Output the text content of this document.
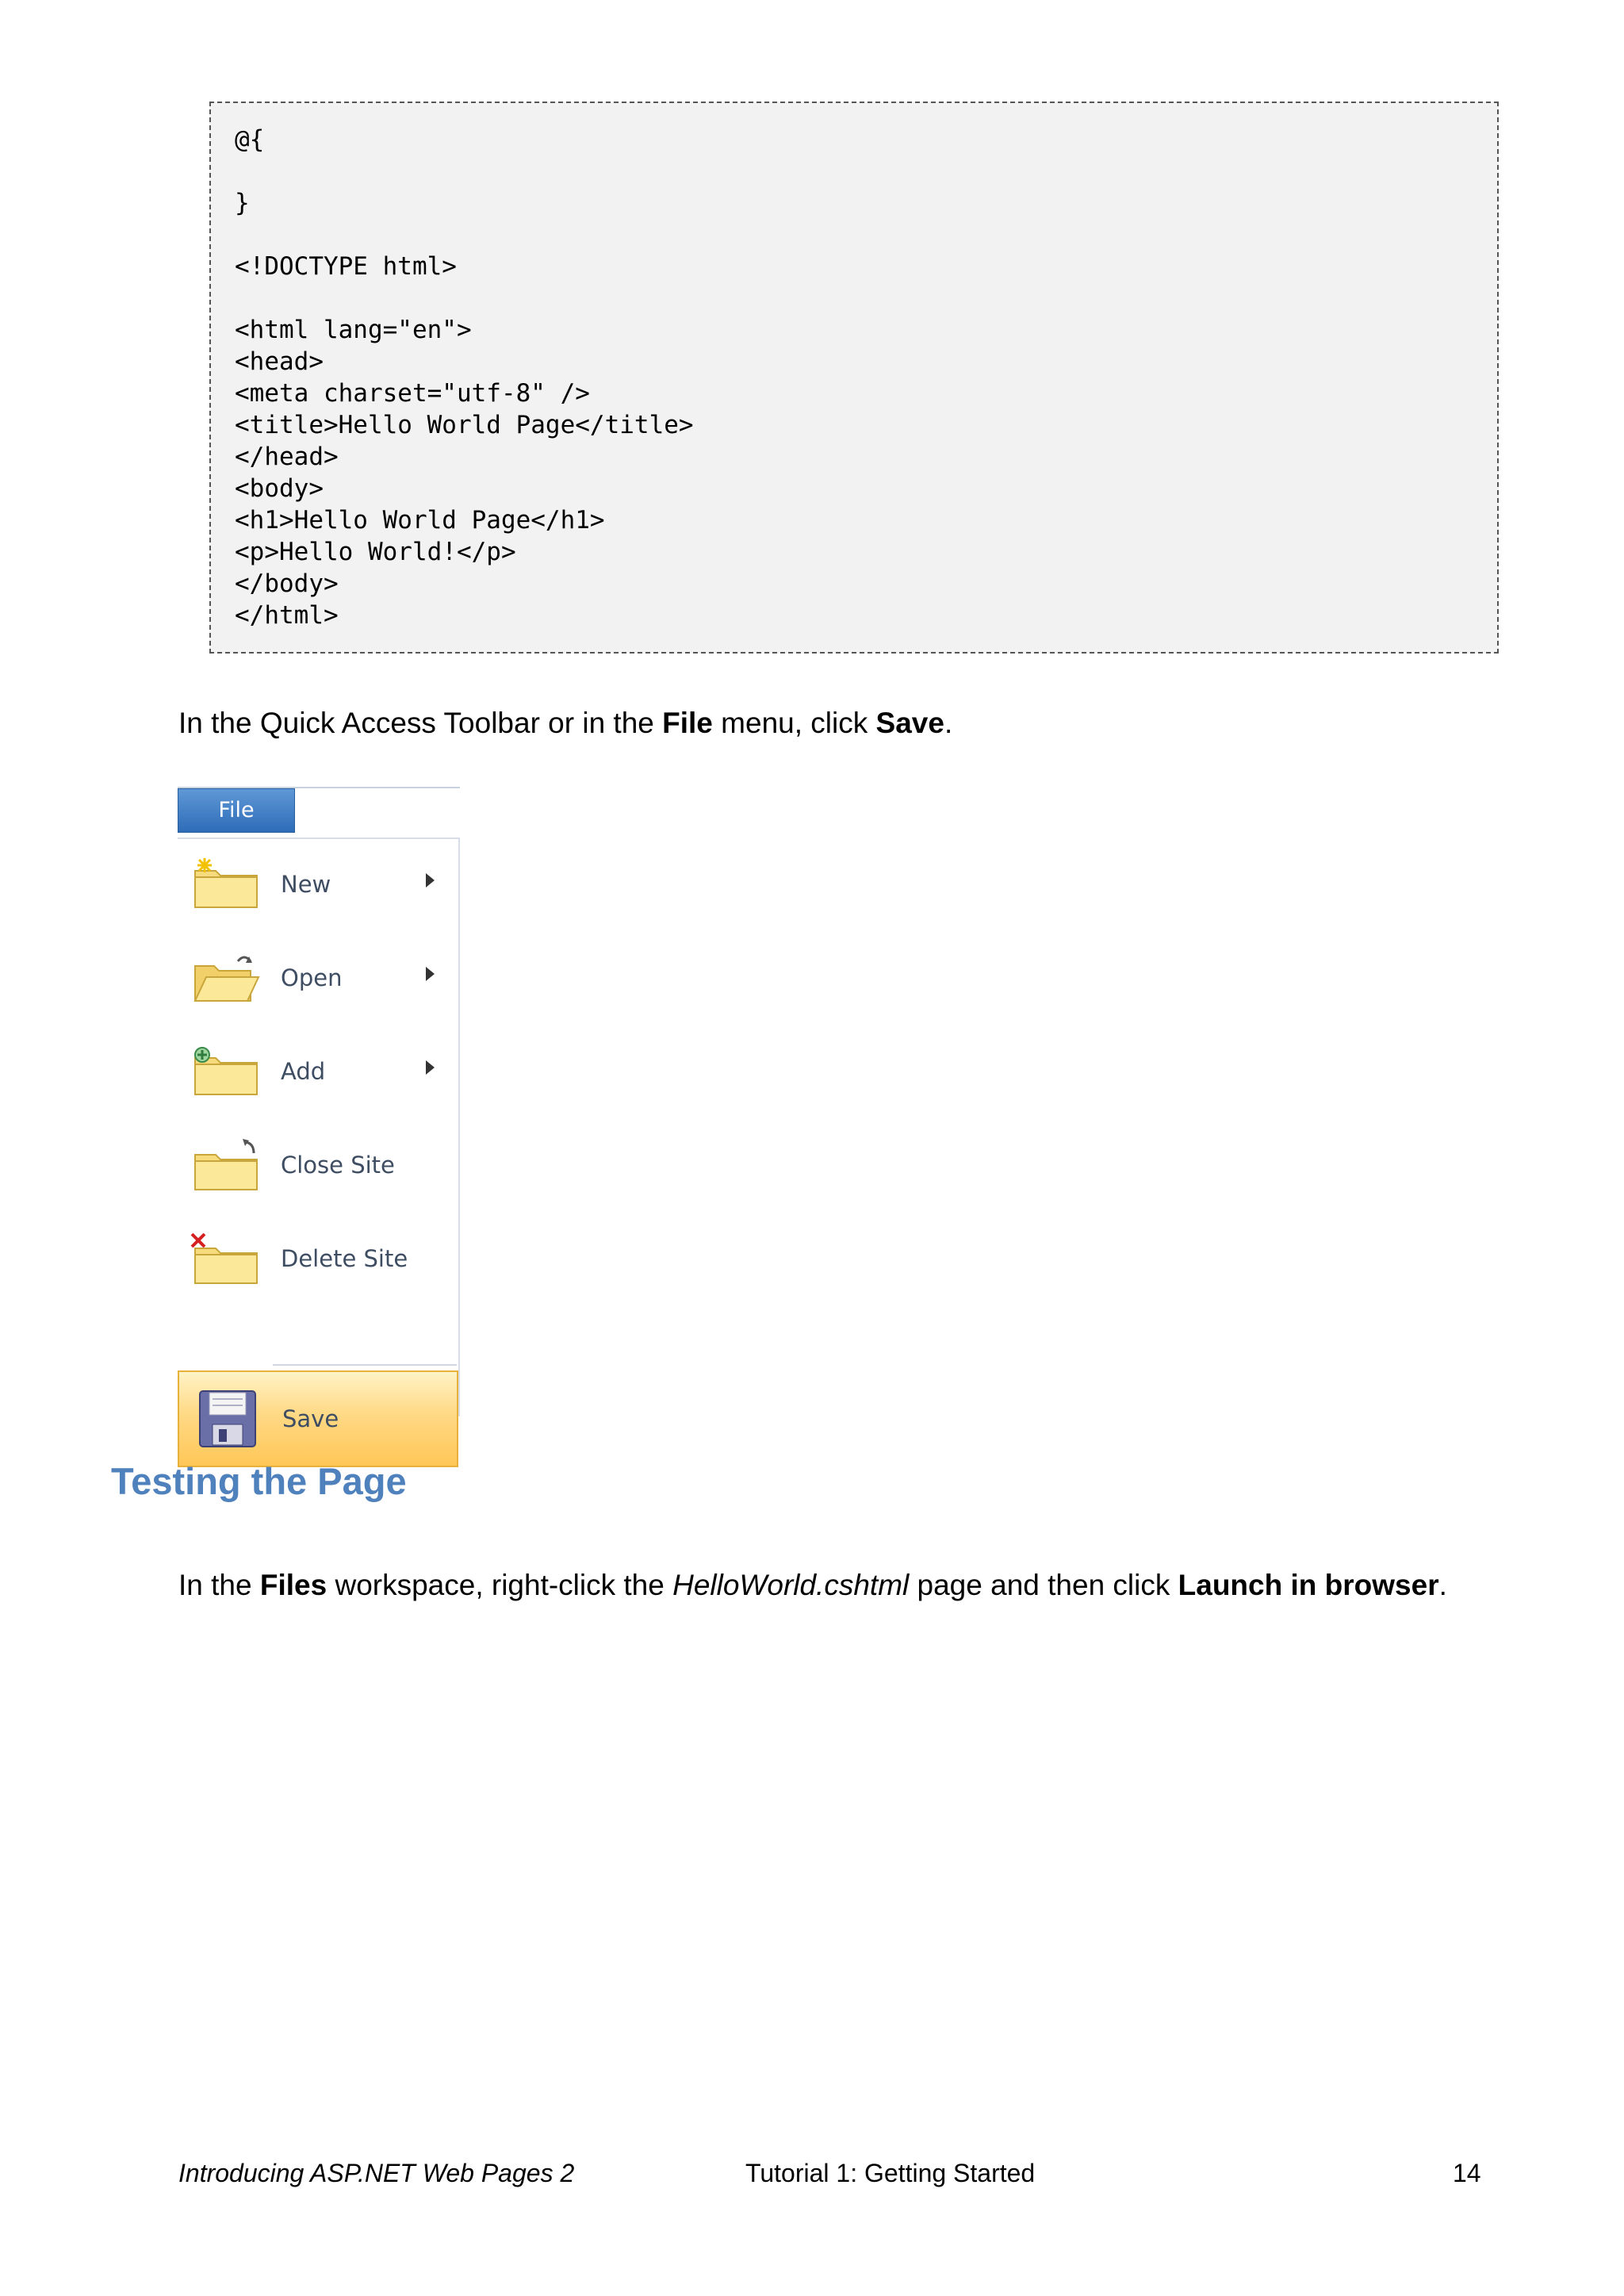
@{
}
<!DOCTYPE html>
<html lang="en">
<head>
<meta charset="utf-8" />
<title>Hello World Page</title>
</head>
<body>
<h1>Hello World Page</h1>
<p>Hello World!</p>
</body>
</html>
In the Quick Access Toolbar or in the File menu, click Save.
File
New
Open
Add
Close Site
Delete Site
Save
Testing the Page
In the Files workspace, right-click the HelloWorld.cshtml page and then click Launch in browser.
Introducing ASP.NET Web Pages 2	Tutorial 1: Getting Started	14
